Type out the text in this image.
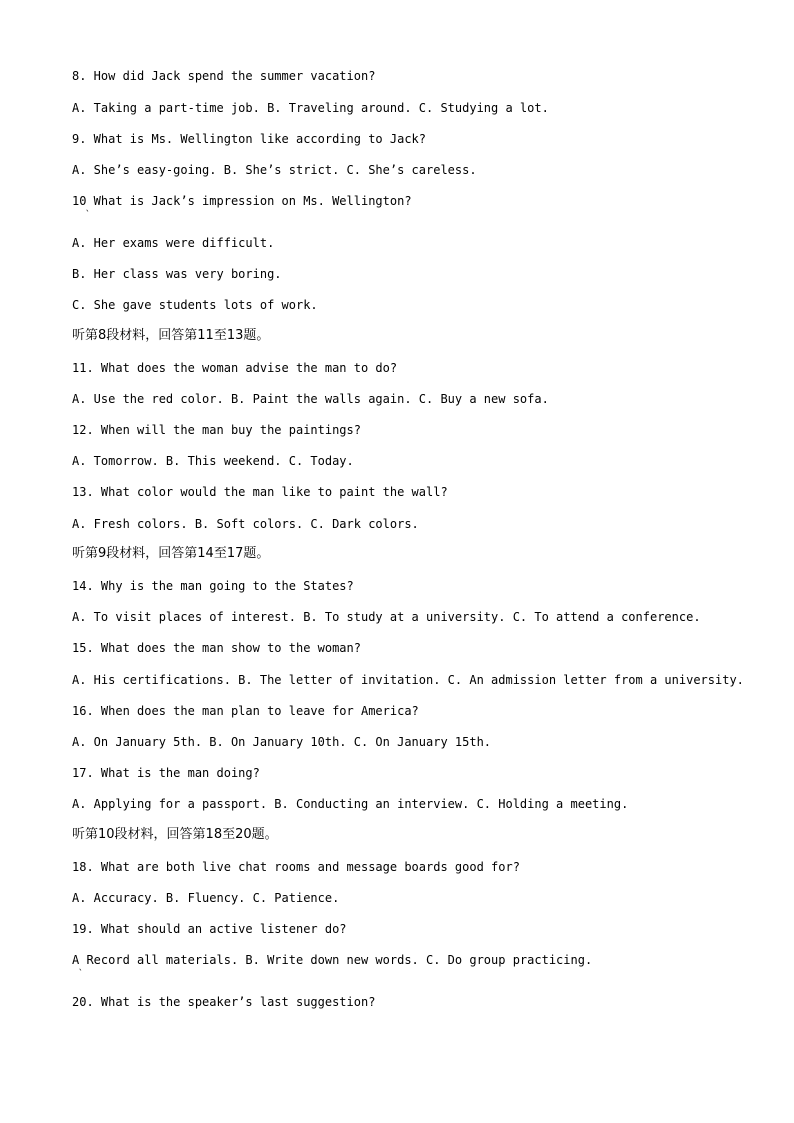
8. How did Jack spend the summer vacation?
A. Taking a part-time job. B. Traveling around. C. Studying a lot.
9. What is Ms. Wellington like according to Jack?
A. She’s easy-going. B. She’s strict. C. She’s careless.
10 What is Jack’s impression on Ms. Wellington?
`
A. Her exams were difficult.
B. Her class was very boring.
C. She gave students lots of work.
听第8段材料，回答第11至13题。
11. What does the woman advise the man to do?
A. Use the red color. B. Paint the walls again. C. Buy a new sofa.
12. When will the man buy the paintings?
A. Tomorrow. B. This weekend. C. Today.
13. What color would the man like to paint the wall?
A. Fresh colors. B. Soft colors. C. Dark colors.
听第9段材料，回答第14至17题。
14. Why is the man going to the States?
A. To visit places of interest. B. To study at a university. C. To attend a conference.
15. What does the man show to the woman?
A. His certifications. B. The letter of invitation. C. An admission letter from a university.
16. When does the man plan to leave for America?
A. On January 5th. B. On January 10th. C. On January 15th.
17. What is the man doing?
A. Applying for a passport. B. Conducting an interview. C. Holding a meeting.
听第10段材料，回答第18至20题。
18. What are both live chat rooms and message boards good for?
A. Accuracy. B. Fluency. C. Patience.
19. What should an active listener do?
A Record all materials. B. Write down new words. C. Do group practicing.
`
20. What is the speaker’s last suggestion?
